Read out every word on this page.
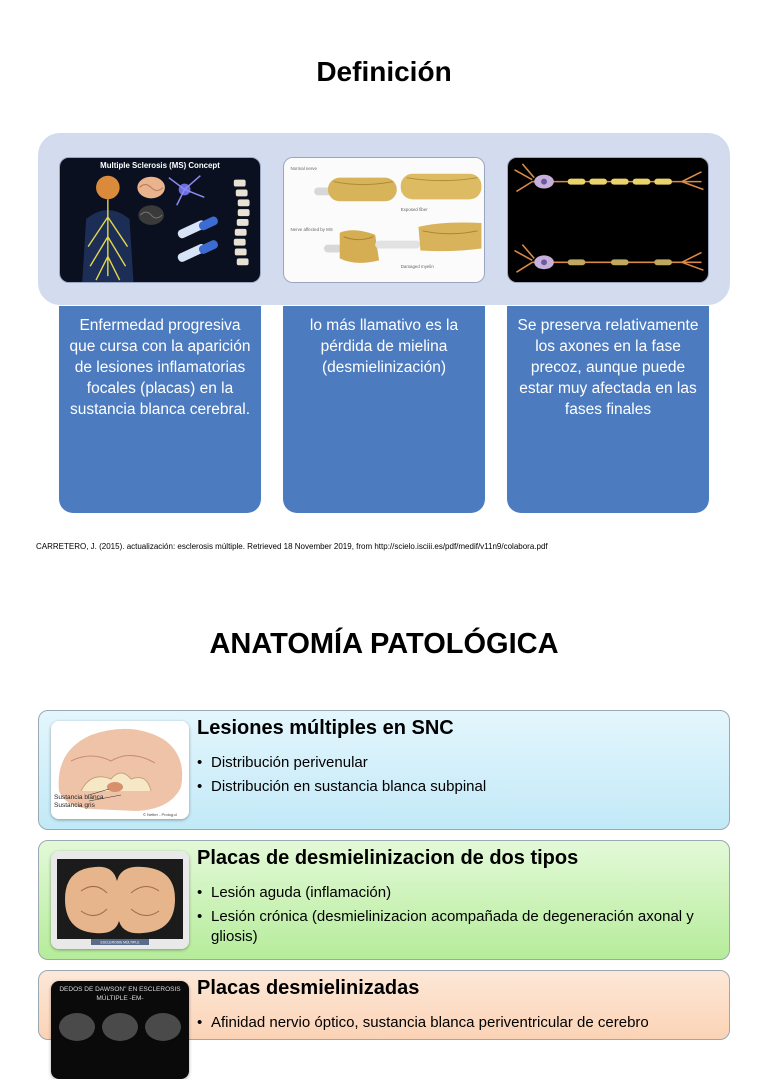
Definición
Multiple Sclerosis (MS) Concept	Normal nerve
Nerve affected by MS
Exposed fiber
Damaged myelin
Enfermedad progresiva que cursa con la aparición de lesiones inflamatorias focales (placas) en la sustancia blanca cerebral.
lo más llamativo es la pérdida de mielina (desmielinización)
Se preserva relativamente los axones en la fase precoz, aunque puede estar muy afectada en las fases finales
CARRETERO, J. (2015). actualización: esclerosis múltiple. Retrieved 18 November 2019, from http://scielo.isciii.es/pdf/medif/v11n9/colabora.pdf
ANATOMÍA PATOLÓGICA
Sustancia blanca
Sustancia gris
© Netter - Prolog.cl
Lesiones múltiples en SNC
• Distribución perivenular
• Distribución en sustancia blanca subpinal
ESCLEROSIS MÚLTIPLE
Placas de desmielinizacion de dos tipos
• Lesión aguda (inflamación)
• Lesión crónica (desmielinizacion acompañada de degeneración axonal y gliosis)
DEDOS DE DAWSON" EN ESCLEROSIS
MÚLTIPLE -EM-	Placas desmielinizadas
• Afinidad nervio óptico, sustancia blanca periventricular de cerebro
